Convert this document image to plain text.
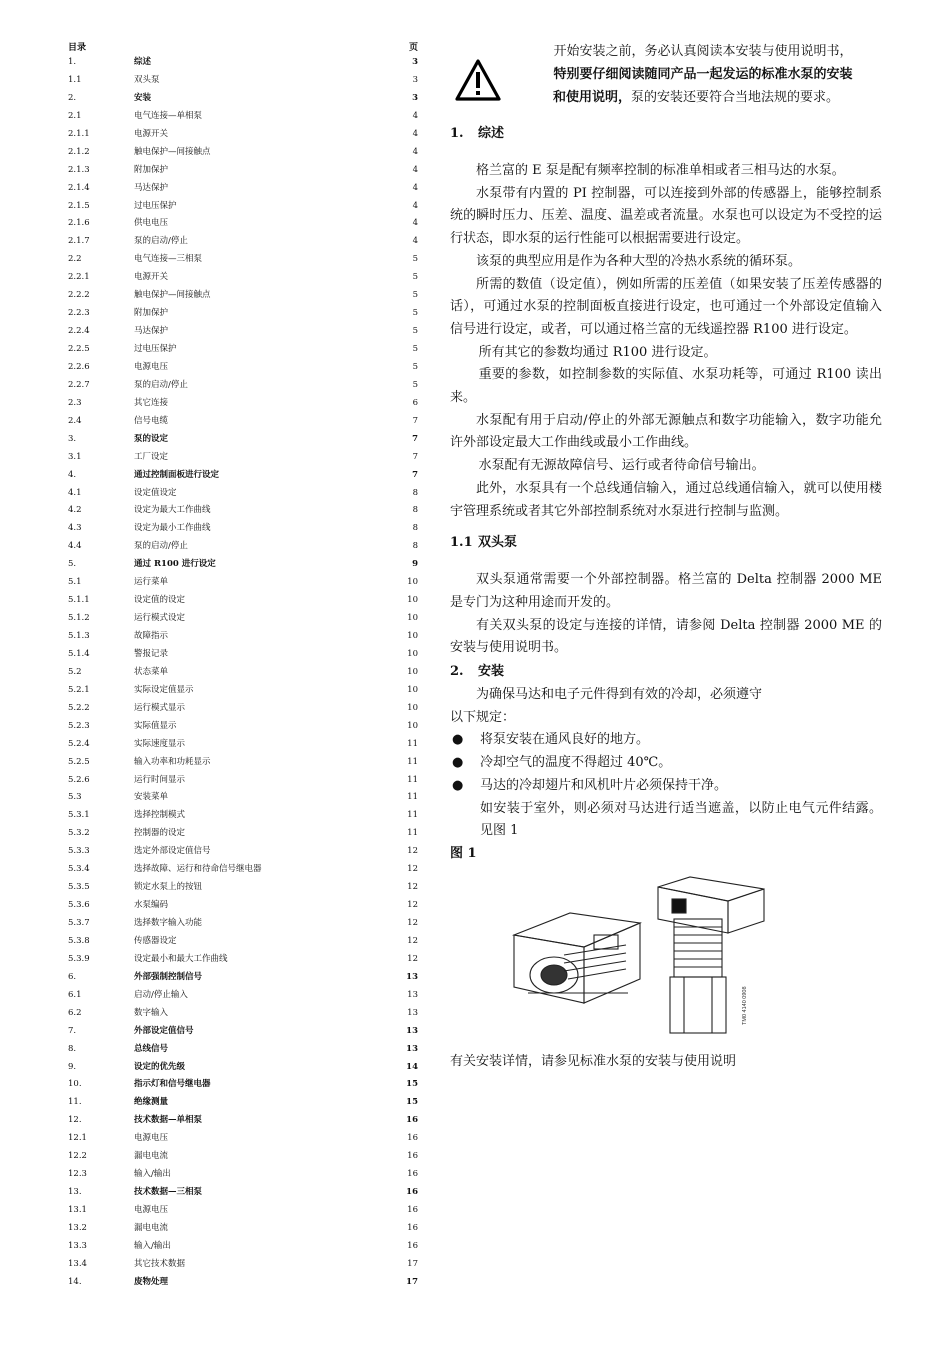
目录	页
1.	综述	3
1.1	双头泵	3
2.	安装	3
2.1	电气连接—单相泵	4
2.1.1	电源开关	4
2.1.2	触电保护—间接触点	4
2.1.3	附加保护	4
2.1.4	马达保护	4
2.1.5	过电压保护	4
2.1.6	供电电压	4
2.1.7	泵的启动/停止	4
2.2	电气连接—三相泵	5
2.2.1	电源开关	5
2.2.2	触电保护—间接触点	5
2.2.3	附加保护	5
2.2.4	马达保护	5
2.2.5	过电压保护	5
2.2.6	电源电压	5
2.2.7	泵的启动/停止	5
2.3	其它连接	6
2.4	信号电缆	7
3.	泵的设定	7
3.1	工厂设定	7
4.	通过控制面板进行设定	7
4.1	设定值设定	8
4.2	设定为最大工作曲线	8
4.3	设定为最小工作曲线	8
4.4	泵的启动/停止	8
5.	通过 R100 进行设定	9
5.1	运行菜单	10
5.1.1	设定值的设定	10
5.1.2	运行模式设定	10
5.1.3	故障指示	10
5.1.4	警报记录	10
5.2	状态菜单	10
5.2.1	实际设定值显示	10
5.2.2	运行模式显示	10
5.2.3	实际值显示	10
5.2.4	实际速度显示	11
5.2.5	输入功率和功耗显示	11
5.2.6	运行时间显示	11
5.3	安装菜单	11
5.3.1	选择控制模式	11
5.3.2	控制器的设定	11
5.3.3	选定外部设定值信号	12
5.3.4	选择故障、运行和待命信号继电器	12
5.3.5	锁定水泵上的按钮	12
5.3.6	水泵编码	12
5.3.7	选择数字输入功能	12
5.3.8	传感器设定	12
5.3.9	设定最小和最大工作曲线	12
6.	外部强制控制信号	13
6.1	启动/停止输入	13
6.2	数字输入	13
7.	外部设定值信号	13
8.	总线信号	13
9.	设定的优先级	14
10.	指示灯和信号继电器	15
11.	绝缘测量	15
12.	技术数据—单相泵	16
12.1	电源电压	16
12.2	漏电电流	16
12.3	输入/输出	16
13.	技术数据—三相泵	16
13.1	电源电压	16
13.2	漏电电流	16
13.3	输入/输出	16
13.4	其它技术数据	17
14.	废物处理	17
开始安装之前，务必认真阅读本安装与使用说明书，
特别要仔细阅读随同产品一起发运的标准水泵的安装
和使用说明，泵的安装还要符合当地法规的要求。
1. 综述

格兰富的 E 泵是配有频率控制的标准单相或者三相马达的水泵。

水泵带有内置的 PI 控制器，可以连接到外部的传感器上，能够控制系统的瞬时压力、压差、温度、温差或者流量。水泵也可以设定为不受控的运行状态，即水泵的运行性能可以根据需要进行设定。

该泵的典型应用是作为各种大型的冷热水系统的循环泵。

所需的数值（设定值），例如所需的压差值（如果安装了压差传感器的话），可通过水泵的控制面板直接进行设定，也可通过一个外部设定值输入信号进行设定，或者，可以通过格兰富的无线遥控器 R100 进行设定。

所有其它的参数均通过 R100 进行设定。

重要的参数，如控制参数的实际值、水泵功耗等，可通过 R100 读出来。

水泵配有用于启动/停止的外部无源触点和数字功能输入，数字功能允许外部设定最大工作曲线或最小工作曲线。

水泵配有无源故障信号、运行或者待命信号输出。

此外，水泵具有一个总线通信输入，通过总线通信输入，就可以使用楼宇管理系统或者其它外部控制系统对水泵进行控制与监测。

1.1 双头泵

双头泵通常需要一个外部控制器。格兰富的 Delta 控制器 2000 ME 是专门为这种用途而开发的。

有关双头泵的设定与连接的详情，请参阅 Delta 控制器 2000 ME 的安装与使用说明书。

2. 安装

为确保马达和电子元件得到有效的冷却，必须遵守

以下规定：

● 将泵安装在通风良好的地方。
● 冷却空气的温度不得超过 40℃。
● 马达的冷却翅片和风机叶片必须保持干净。

如安装于室外，则必须对马达进行适当遮盖，以防止电气元件结露。见图 1

图 1
TM0 4140 0908

有关安装详情，请参见标准水泵的安装与使用说明
